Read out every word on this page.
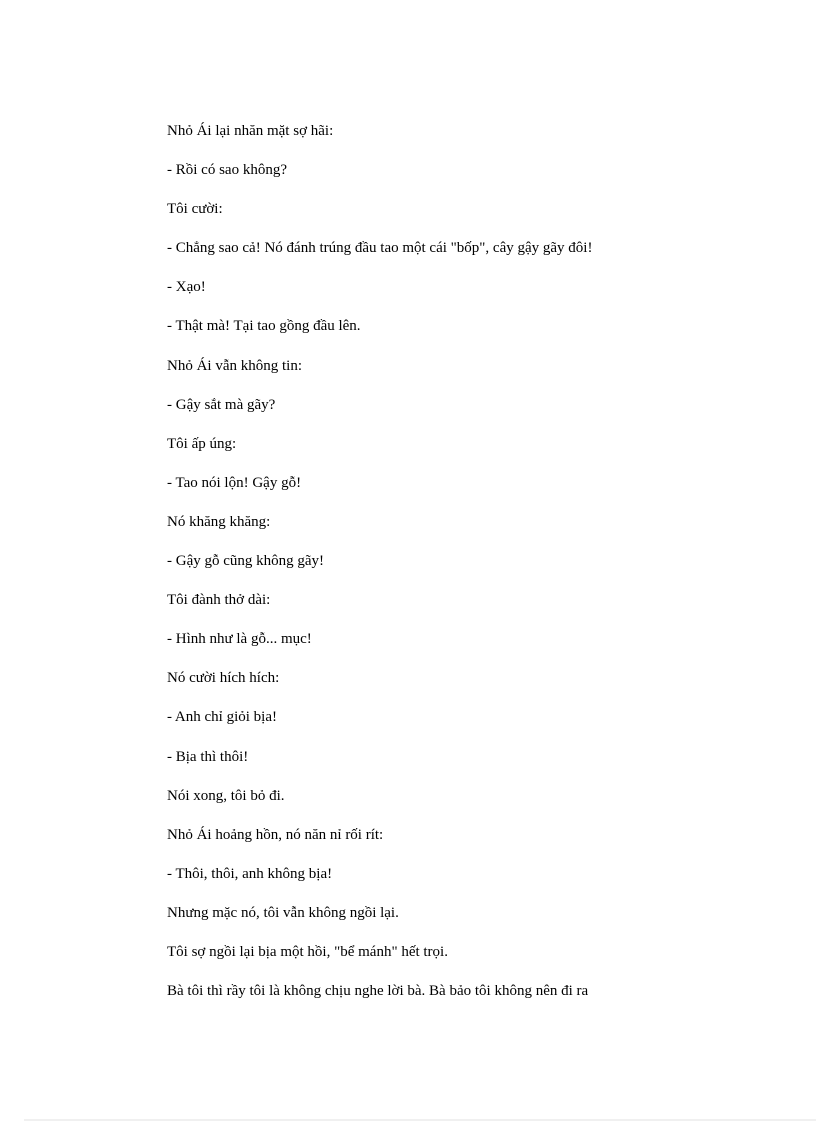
Nhỏ Ái lại nhăn mặt sợ hãi:

- Rồi có sao không?

Tôi cười:

- Chẳng sao cả! Nó đánh trúng đầu tao một cái "bốp", cây gậy gãy đôi!

- Xạo!

- Thật mà! Tại tao gồng đầu lên.

Nhỏ Ái vẫn không tin:

- Gậy sắt mà gãy?

Tôi ấp úng:

- Tao nói lộn! Gậy gỗ!

Nó khăng khăng:

- Gậy gỗ cũng không gãy!

Tôi đành thở dài:

- Hình như là gỗ... mục!

Nó cười hích hích:

- Anh chỉ giỏi bịa!

- Bịa thì thôi!

Nói xong, tôi bỏ đi.

Nhỏ Ái hoảng hồn, nó năn nỉ rối rít:

- Thôi, thôi, anh không bịa!

Nhưng mặc nó, tôi vẫn không ngồi lại.

Tôi sợ ngồi lại bịa một hồi, "bể mánh" hết trọi.

Bà tôi thì rầy tôi là không chịu nghe lời bà. Bà bảo tôi không nên đi ra
